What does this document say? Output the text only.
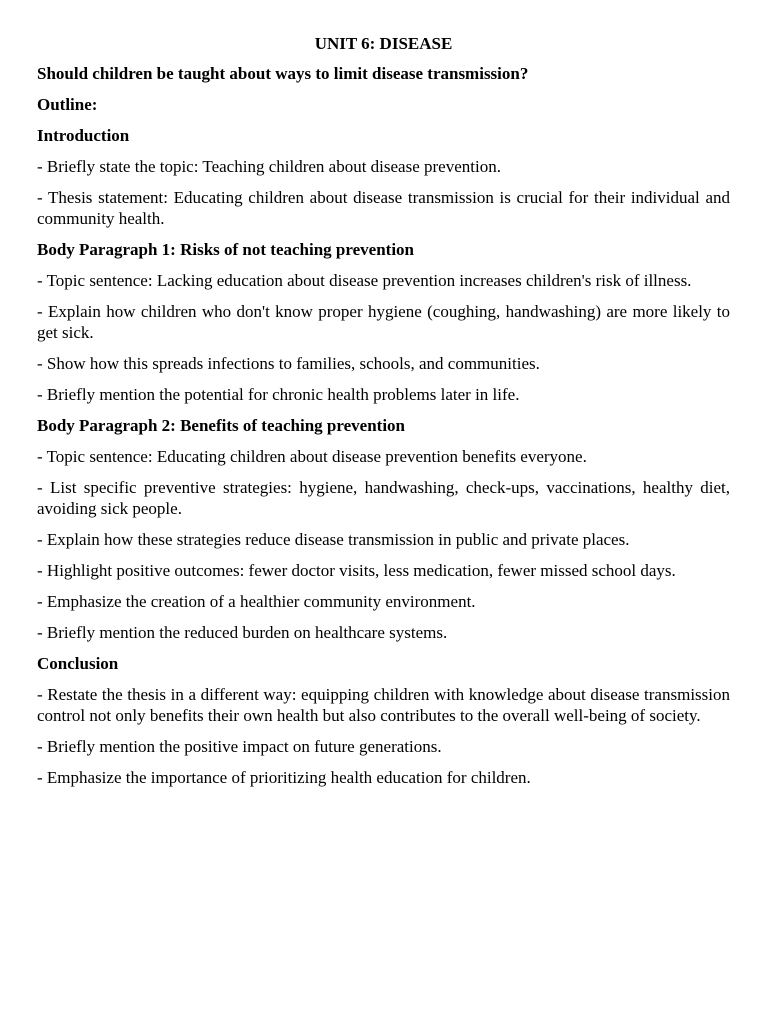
UNIT 6: DISEASE
Should children be taught about ways to limit disease transmission?
Outline:
Introduction
- Briefly state the topic: Teaching children about disease prevention.
- Thesis statement: Educating children about disease transmission is crucial for their individual and community health.
Body Paragraph 1: Risks of not teaching prevention
- Topic sentence: Lacking education about disease prevention increases children's risk of illness.
- Explain how children who don't know proper hygiene (coughing, handwashing) are more likely to get sick.
- Show how this spreads infections to families, schools, and communities.
- Briefly mention the potential for chronic health problems later in life.
Body Paragraph 2: Benefits of teaching prevention
- Topic sentence: Educating children about disease prevention benefits everyone.
- List specific preventive strategies: hygiene, handwashing, check-ups, vaccinations, healthy diet, avoiding sick people.
- Explain how these strategies reduce disease transmission in public and private places.
- Highlight positive outcomes: fewer doctor visits, less medication, fewer missed school days.
- Emphasize the creation of a healthier community environment.
- Briefly mention the reduced burden on healthcare systems.
Conclusion
- Restate the thesis in a different way: equipping children with knowledge about disease transmission control not only benefits their own health but also contributes to the overall well-being of society.
- Briefly mention the positive impact on future generations.
- Emphasize the importance of prioritizing health education for children.
